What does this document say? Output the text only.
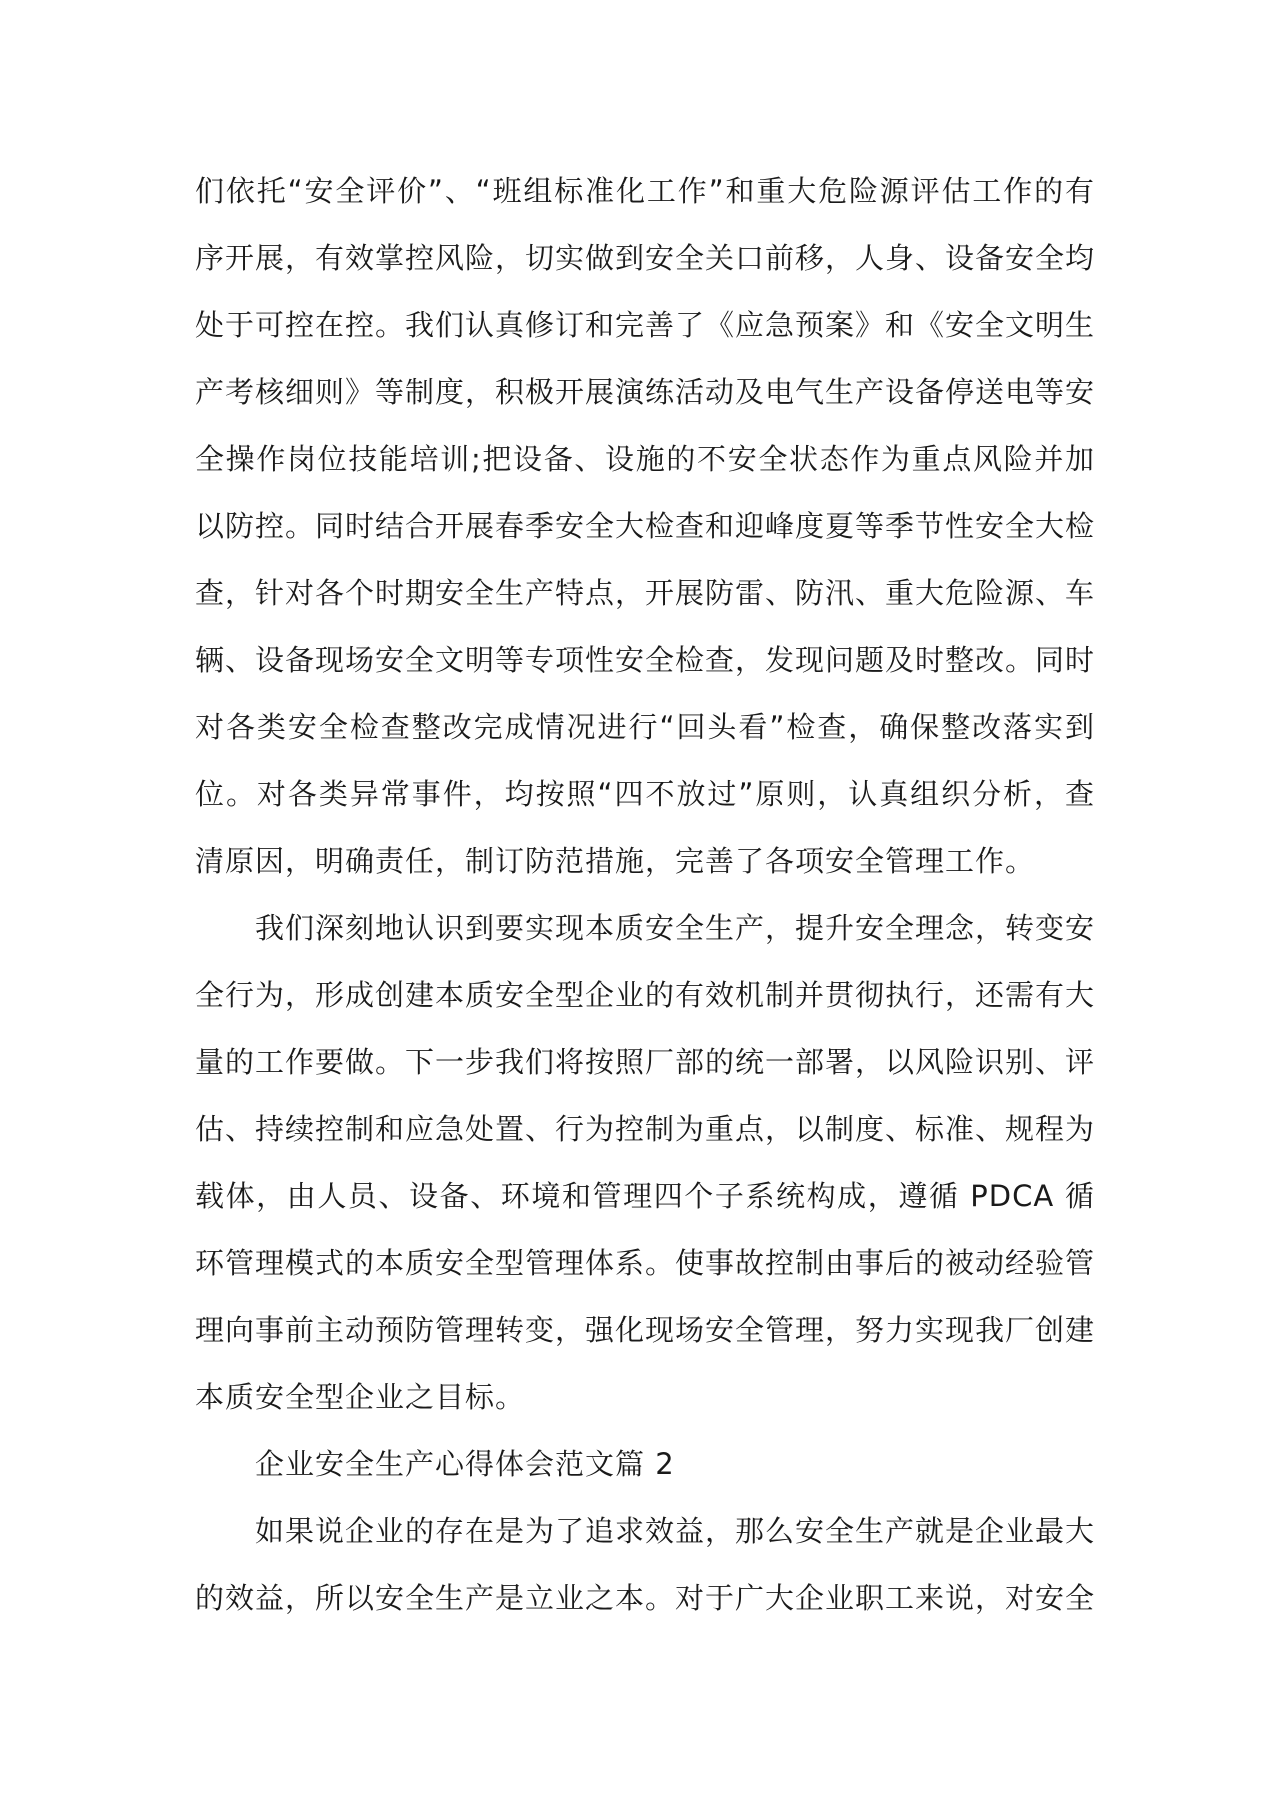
们依托“安全评价”、“班组标准化工作”和重大危险源评估工作的有序开展，有效掌控风险，切实做到安全关口前移，人身、设备安全均处于可控在控。我们认真修订和完善了《应急预案》和《安全文明生产考核细则》等制度，积极开展演练活动及电气生产设备停送电等安全操作岗位技能培训;把设备、设施的不安全状态作为重点风险并加以防控。同时结合开展春季安全大检查和迎峰度夏等季节性安全大检查，针对各个时期安全生产特点，开展防雷、防汛、重大危险源、车辆、设备现场安全文明等专项性安全检查，发现问题及时整改。同时对各类安全检查整改完成情况进行“回头看”检查，确保整改落实到位。对各类异常事件，均按照“四不放过”原则，认真组织分析，查清原因，明确责任，制订防范措施，完善了各项安全管理工作。

我们深刻地认识到要实现本质安全生产，提升安全理念，转变安全行为，形成创建本质安全型企业的有效机制并贯彻执行，还需有大量的工作要做。下一步我们将按照厂部的统一部署，以风险识别、评估、持续控制和应急处置、行为控制为重点，以制度、标准、规程为载体，由人员、设备、环境和管理四个子系统构成，遵循 PDCA 循环管理模式的本质安全型管理体系。使事故控制由事后的被动经验管理向事前主动预防管理转变，强化现场安全管理，努力实现我厂创建本质安全型企业之目标。

企业安全生产心得体会范文篇 2

如果说企业的存在是为了追求效益，那么安全生产就是企业最大的效益，所以安全生产是立业之本。对于广大企业职工来说，对安全
